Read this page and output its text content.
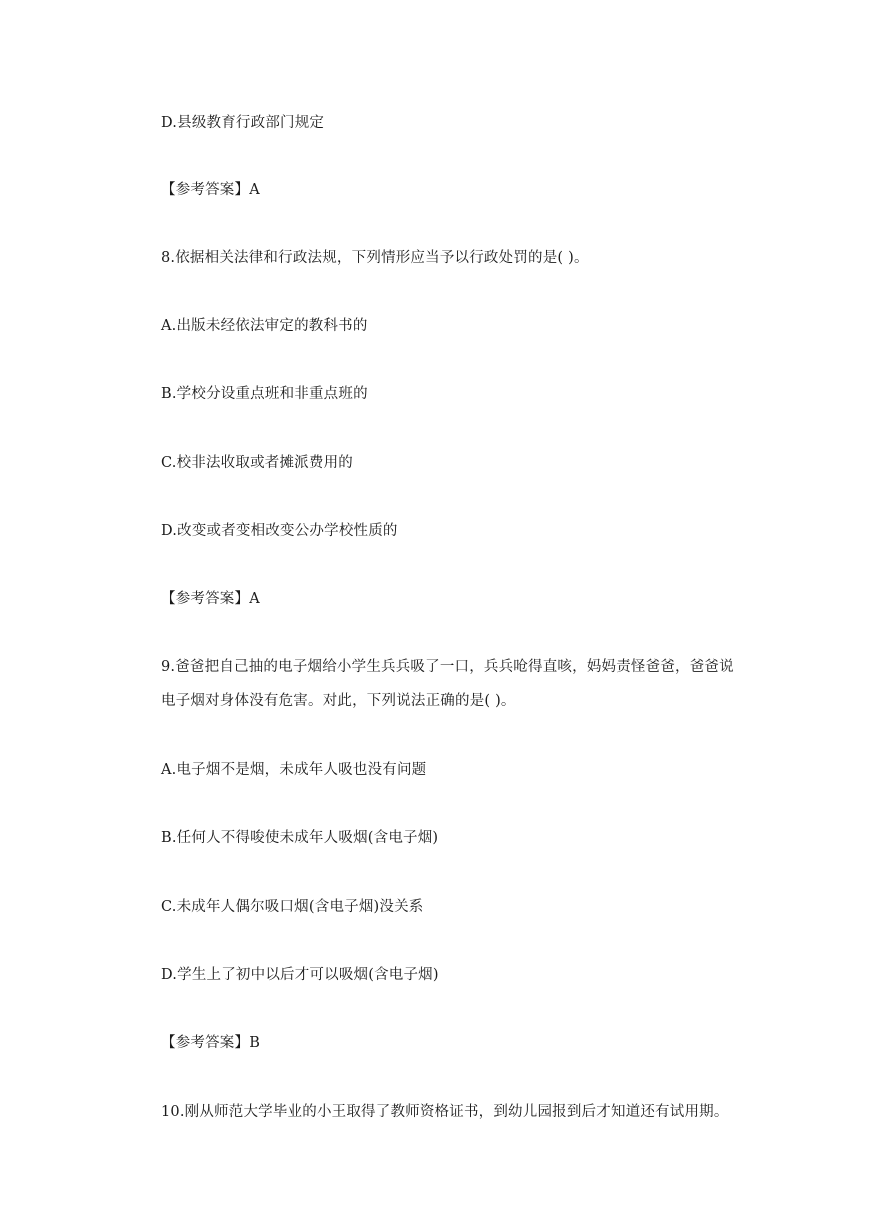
D.县级教育行政部门规定
【参考答案】A
8.依据相关法律和行政法规，下列情形应当予以行政处罚的是( )。
A.出版未经依法审定的教科书的
B.学校分设重点班和非重点班的
C.校非法收取或者摊派费用的
D.改变或者变相改变公办学校性质的
【参考答案】A
9.爸爸把自己抽的电子烟给小学生兵兵吸了一口，兵兵呛得直咳，妈妈责怪爸爸，爸爸说电子烟对身体没有危害。对此，下列说法正确的是( )。
A.电子烟不是烟，未成年人吸也没有问题
B.任何人不得唆使未成年人吸烟(含电子烟)
C.未成年人偶尔吸口烟(含电子烟)没关系
D.学生上了初中以后才可以吸烟(含电子烟)
【参考答案】B
10.刚从师范大学毕业的小王取得了教师资格证书，到幼儿园报到后才知道还有试用期。
